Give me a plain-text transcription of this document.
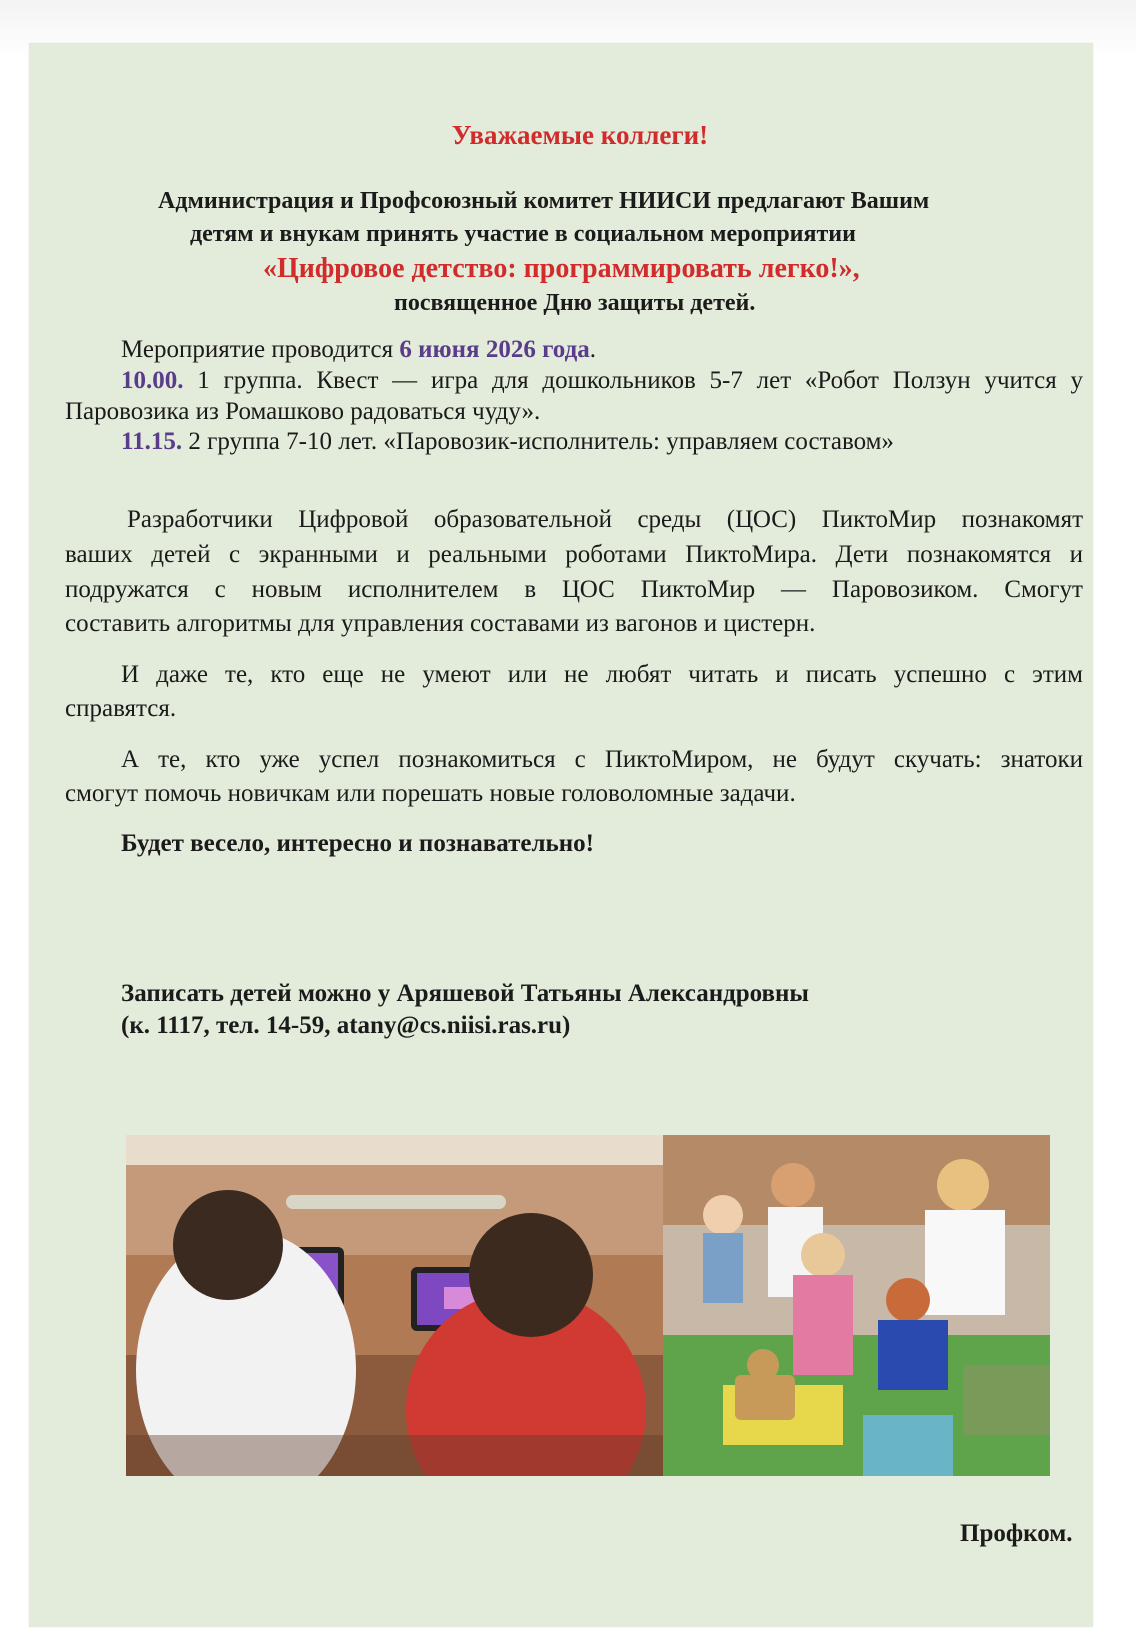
Уважаемые коллеги!

Администрация и Профсоюзный комитет НИИСИ предлагают Вашим

детям и внукам принять участие в социальном мероприятии

«Цифровое детство: программировать легко!»,

посвященное Дню защиты детей.

Мероприятие проводится 6 июня 2026 года.

10.00. 1 группа. Квест — игра для дошкольников 5-7 лет «Робот Ползун учится у

Паровозика из Ромашково радоваться чуду».

11.15. 2 группа 7-10 лет. «Паровозик-исполнитель: управляем составом»

Разработчики Цифровой образовательной среды (ЦОС) ПиктоМир познакомят

ваших детей с экранными и реальными роботами ПиктоМира. Дети познакомятся и

подружатся с новым исполнителем в ЦОС ПиктоМир — Паровозиком. Смогут

составить алгоритмы для управления составами из вагонов и цистерн.

И даже те, кто еще не умеют или не любят читать и писать успешно с этим

справятся.

А те, кто уже успел познакомиться с ПиктоМиром, не будут скучать: знатоки

смогут помочь новичкам или порешать новые головоломные задачи.

Будет весело, интересно и познавательно!

Записать детей можно у Аряшевой Татьяны Александровны

(к. 1117, тел. 14-59, atany@cs.niisi.ras.ru)

Профком.
